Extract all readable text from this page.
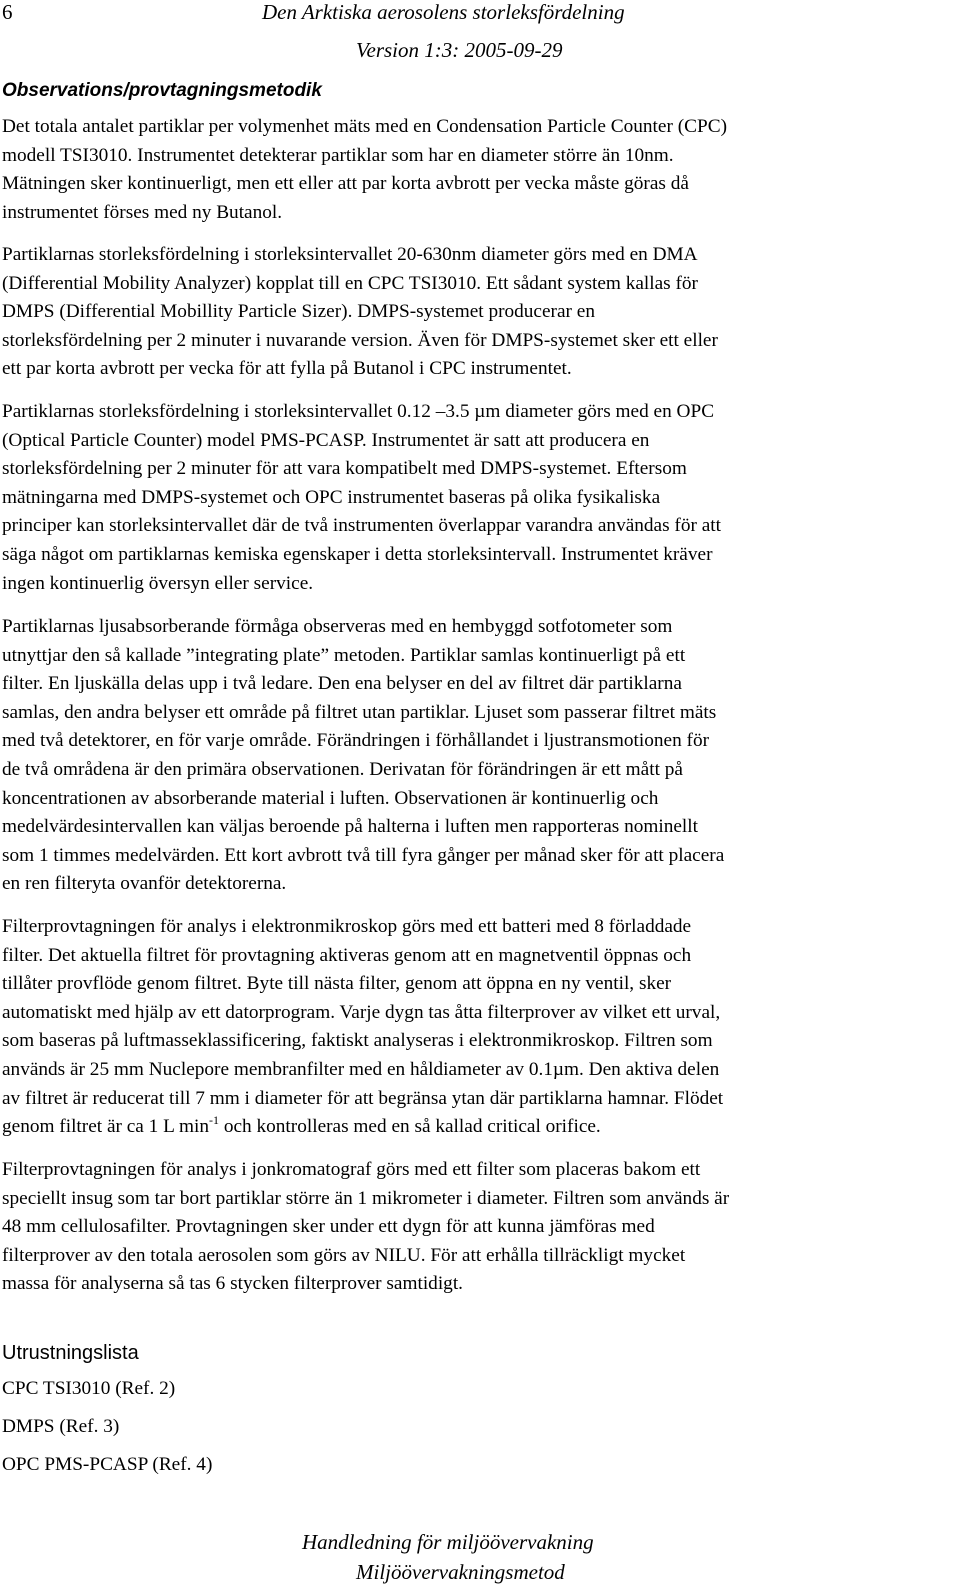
6	Den Arktiska aerosolens storleksfördelning
Version 1:3: 2005-09-29
Observations/provtagningsmetodik
Det totala antalet partiklar per volymenhet mäts med en Condensation Particle Counter (CPC)
modell TSI3010. Instrumentet detekterar partiklar som har en diameter större än 10nm.
Mätningen sker kontinuerligt, men ett eller att par korta avbrott per vecka måste göras då
instrumentet förses med ny Butanol.
Partiklarnas storleksfördelning i storleksintervallet 20-630nm diameter görs med en DMA
(Differential Mobility Analyzer) kopplat till en CPC TSI3010. Ett sådant system kallas för
DMPS (Differential Mobillity Particle Sizer). DMPS-systemet producerar en
storleksfördelning per 2 minuter i nuvarande version. Även för DMPS-systemet sker ett eller
ett par korta avbrott per vecka för att fylla på Butanol i CPC instrumentet.
Partiklarnas storleksfördelning i storleksintervallet 0.12 –3.5 µm diameter görs med en OPC
(Optical Particle Counter) model PMS-PCASP. Instrumentet är satt att producera en
storleksfördelning per 2 minuter för att vara kompatibelt med DMPS-systemet. Eftersom
mätningarna med DMPS-systemet och OPC instrumentet baseras på olika fysikaliska
principer kan storleksintervallet där de två instrumenten överlappar varandra användas för att
säga något om partiklarnas kemiska egenskaper i detta storleksintervall. Instrumentet kräver
ingen kontinuerlig översyn eller service.
Partiklarnas ljusabsorberande förmåga observeras med en hembyggd sotfotometer som
utnyttjar den så kallade ”integrating plate” metoden. Partiklar samlas kontinuerligt på ett
filter. En ljuskälla delas upp i två ledare. Den ena belyser en del av filtret där partiklarna
samlas, den andra belyser ett område på filtret utan partiklar. Ljuset som passerar filtret mäts
med två detektorer, en för varje område. Förändringen i förhållandet i ljustransmotionen för
de två områdena är den primära observationen. Derivatan för förändringen är ett mått på
koncentrationen av absorberande material i luften. Observationen är kontinuerlig och
medelvärdesintervallen kan väljas beroende på halterna i luften men rapporteras nominellt
som 1 timmes medelvärden. Ett kort avbrott två till fyra gånger per månad sker för att placera
en ren filteryta ovanför detektorerna.
Filterprovtagningen för analys i elektronmikroskop görs med ett batteri med 8 förladdade
filter. Det aktuella filtret för provtagning aktiveras genom att en magnetventil öppnas och
tillåter provflöde genom filtret. Byte till nästa filter, genom att öppna en ny ventil, sker
automatiskt med hjälp av ett datorprogram. Varje dygn tas åtta filterprover av vilket ett urval,
som baseras på luftmasseklassificering, faktiskt analyseras i elektronmikroskop. Filtren som
används är 25 mm Nuclepore membranfilter med en håldiameter av 0.1µm. Den aktiva delen
av filtret är reducerat till 7 mm i diameter för att begränsa ytan där partiklarna hamnar. Flödet
genom filtret är ca 1 L $\min^{-1}$ och kontrolleras med en så kallad critical orifice.
Filterprovtagningen för analys i jonkromatograf görs med ett filter som placeras bakom ett
speciellt insug som tar bort partiklar större än 1 mikrometer i diameter. Filtren som används är
48 mm cellulosafilter. Provtagningen sker under ett dygn för att kunna jämföras med
filterprover av den totala aerosolen som görs av NILU. För att erhålla tillräckligt mycket
massa för analyserna så tas 6 stycken filterprover samtidigt.
Utrustningslista
CPC TSI3010 (Ref. 2)
DMPS (Ref. 3)
OPC PMS-PCASP (Ref. 4)
Handledning för miljöövervakning
Miljöövervakningsmetod
